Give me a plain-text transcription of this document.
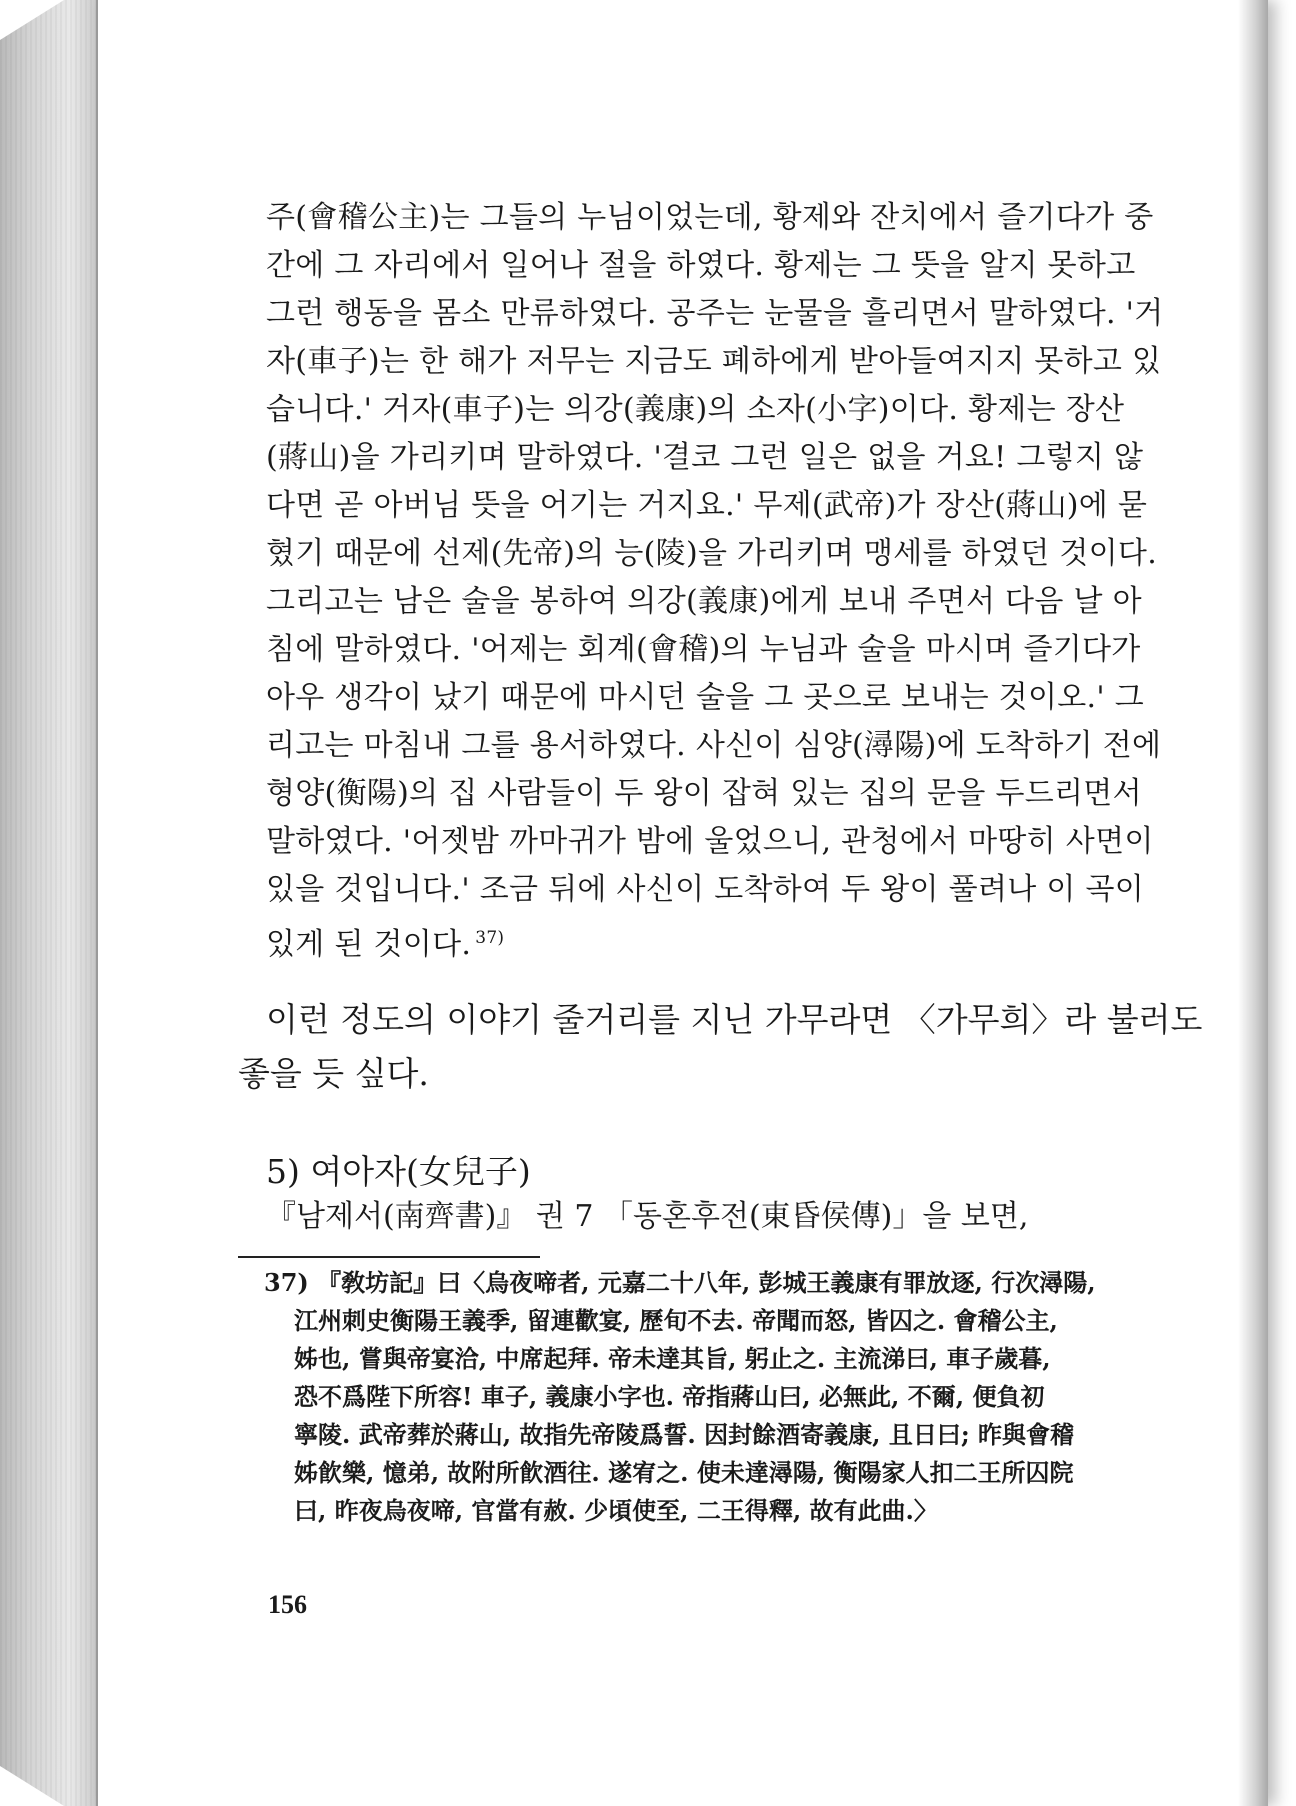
주(會稽公主)는 그들의 누님이었는데, 황제와 잔치에서 즐기다가 중
간에 그 자리에서 일어나 절을 하였다. 황제는 그 뜻을 알지 못하고
그런 행동을 몸소 만류하였다. 공주는 눈물을 흘리면서 말하였다. '거
자(車子)는 한 해가 저무는 지금도 폐하에게 받아들여지지 못하고 있
습니다.' 거자(車子)는 의강(義康)의 소자(小字)이다. 황제는 장산
(蔣山)을 가리키며 말하였다. '결코 그런 일은 없을 거요! 그렇지 않
다면 곧 아버님 뜻을 어기는 거지요.' 무제(武帝)가 장산(蔣山)에 묻
혔기 때문에 선제(先帝)의 능(陵)을 가리키며 맹세를 하였던 것이다.
그리고는 남은 술을 봉하여 의강(義康)에게 보내 주면서 다음 날 아
침에 말하였다. '어제는 회계(會稽)의 누님과 술을 마시며 즐기다가
아우 생각이 났기 때문에 마시던 술을 그 곳으로 보내는 것이오.' 그
리고는 마침내 그를 용서하였다. 사신이 심양(潯陽)에 도착하기 전에
형양(衡陽)의 집 사람들이 두 왕이 잡혀 있는 집의 문을 두드리면서
말하였다. '어젯밤 까마귀가 밤에 울었으니, 관청에서 마땅히 사면이
있을 것입니다.' 조금 뒤에 사신이 도착하여 두 왕이 풀려나 이 곡이
있게 된 것이다. $^{37)}$
이런 정도의 이야기 줄거리를 지닌 가무라면 〈가무희〉라 불러도
좋을 듯 싶다.
5) 여아자(女兒子)
『남제서(南齊書)』 권 7 「동혼후전(東昏侯傳)」을 보면,
37) 『敎坊記』曰〈烏夜啼者, 元嘉二十八年, 彭城王義康有罪放逐, 行次潯陽,
江州刺史衡陽王義季, 留連歡宴, 歷旬不去. 帝聞而怒, 皆囚之. 會稽公主,
姊也, 嘗與帝宴洽, 中席起拜. 帝未達其旨, 躬止之. 主流涕曰, 車子歲暮,
恐不爲陛下所容! 車子, 義康小字也. 帝指蔣山曰, 必無此, 不爾, 便負初
寧陵. 武帝葬於蔣山, 故指先帝陵爲誓. 因封餘酒寄義康, 且日曰; 昨與會稽
姊飮樂, 憶弟, 故附所飮酒往. 遂宥之. 使未達潯陽, 衡陽家人扣二王所囚院
曰, 昨夜烏夜啼, 官當有赦. 少頃使至, 二王得釋, 故有此曲.〉
156
